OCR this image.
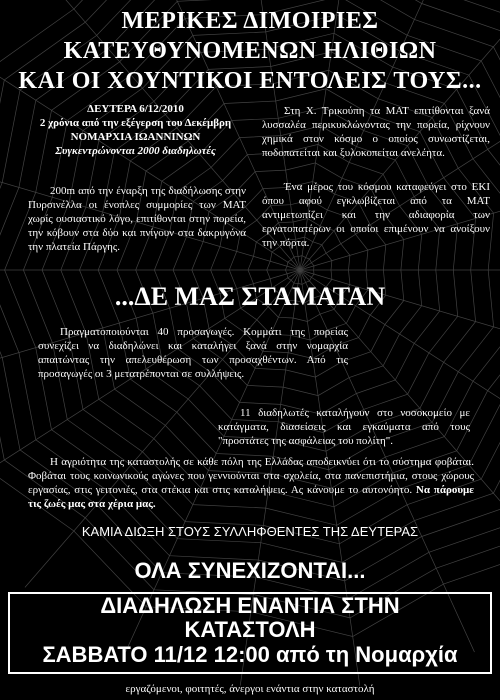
ΜΕΡΙΚΕΣ ΔΙΜΟΙΡΙΕΣ
ΚΑΤΕΥΘΥΝΟΜΕΝΩΝ ΗΛΙΘΙΩΝ
ΚΑΙ ΟΙ ΧΟΥΝΤΙΚΟΙ ΕΝΤΟΛΕΙΣ ΤΟΥΣ...
ΔΕΥΤΕΡΑ 6/12/2010
2 χρόνια από την εξέγερση του Δεκέμβρη
ΝΟΜΑΡΧΙΑ ΙΩΑΝΝΙΝΩΝ
Συγκεντρώνονται 2000 διαδηλωτές
200m από την έναρξη της διαδήλωσης στην Πυρσινέλλα οι ένοπλες συμμορίες των ΜΑΤ χωρίς ουσιαστικό λόγο, επιτίθονται στην πορεία, την κόβουν στα δύο και πνίγουν στα δακρυγόνα την πλατεία Πάργης.
Στη Χ. Τρικούπη τα ΜΑΤ επιτίθονται ξανά λυσσαλέα περικυκλώνοντας την πορεία, ρίχνουν χημικά στον κόσμο ο οποίος συνωστίζεται, ποδοπατείται και ξυλοκοπείται ανελέητα.
Ένα μέρος του κόσμου καταφεύγει στο ΕΚΙ όπου αφού εγκλωβίζεται από τα ΜΑΤ αντιμετωπίζει και την αδιαφορία των εργατοπατέρων οι οποίοι επιμένουν να ανοίξουν την πόρτα.
...ΔΕ ΜΑΣ ΣΤΑΜΑΤΑΝ
Πραγματοποιούνται 40 προσαγωγές. Κομμάτι της πορείας συνεχίζει να διαδηλώνει και καταλήγει ξανά στην νομαρχία απαιτώντας την απελευθέρωση των προσαχθέντων. Από τις προσαγωγές οι 3 μετατρέπονται σε συλλήψεις.
11 διαδηλωτές καταλήγουν στο νοσοκομείο με κατάγματα, διασείσεις και εγκαύματα από τους "προστάτες της ασφάλειας του πολίτη".
Η αγριότητα της καταστολής σε κάθε πόλη της Ελλάδας αποδεικνύει ότι το σύστημα φοβάται. Φοβάται τους κοινωνικούς αγώνες που γεννιούνται στα σχολεία, στα πανεπιστήμια, στους χώρους εργασίας, στις γειτονιές, στα στέκια και στις καταλήψεις. Ας κάνουμε το αυτονόητο. Να πάρουμε τις ζωές μας στα χέρια μας.
ΚΑΜΙΑ ΔΙΩΞΗ ΣΤΟΥΣ ΣΥΛΛΗΦΘΕΝΤΕΣ ΤΗΣ ΔΕΥΤΕΡΑΣ
ΟΛΑ ΣΥΝΕΧΙΖΟΝΤΑΙ...
ΔΙΑΔΗΛΩΣΗ ΕΝΑΝΤΙΑ ΣΤΗΝ
ΚΑΤΑΣΤΟΛΗ
ΣΑΒΒΑΤΟ 11/12 12:00 από τη Νομαρχία
εργαζόμενοι, φοιτητές, άνεργοι ενάντια στην καταστολή
